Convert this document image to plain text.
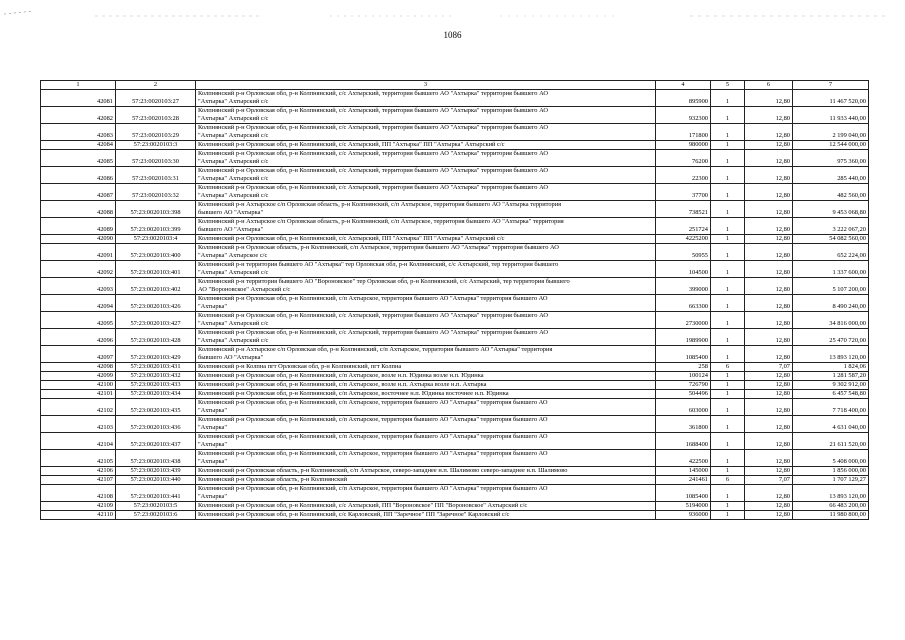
1086
1	2	3	4	5	6	7
42081	57:23:0020103:27	Колпнянский р-н Орловская обл, р-н Колпнянский, с/с Ахтырский, территория бывшего АО "Ахтырка" территория бывшего АО
"Ахтырка" Ахтырский с/с	895900	1	12,80	11 467 520,00
42082	57:23:0020103:28	Колпнянский р-н Орловская обл, р-н Колпнянский, с/с Ахтырский, территория бывшего АО "Ахтырка" территория бывшего АО
"Ахтырка" Ахтырский с/с	932300	1	12,80	11 933 440,00
42083	57:23:0020103:29	Колпнянский р-н Орловская обл, р-н Колпнянский, с/с Ахтырский, территория бывшего АО "Ахтырка" территория бывшего АО
"Ахтырка" Ахтырский с/с	171800	1	12,80	2 199 040,00
42084	57:23:0020103:3	Колпнянский р-н Орловская обл, р-н Колпнянский, с/с Ахтырский, ПП "Ахтырка" ПП "Ахтырка" Ахтырский с/с	980000	1	12,80	12 544 000,00
42085	57:23:0020103:30	Колпнянский р-н Орловская обл, р-н Колпнянский, с/с Ахтырский, территория бывшего АО "Ахтырка" территория бывшего АО
"Ахтырка" Ахтырский с/с	76200	1	12,80	975 360,00
42086	57:23:0020103:31	Колпнянский р-н Орловская обл, р-н Колпнянский, с/с Ахтырский, территория бывшего АО "Ахтырка" территория бывшего АО
"Ахтырка" Ахтырский с/с	22300	1	12,80	285 440,00
42087	57:23:0020103:32	Колпнянский р-н Орловская обл, р-н Колпнянский, с/с Ахтырский, территория бывшего АО "Ахтырка" территория бывшего АО
"Ахтырка" Ахтырский с/с	37700	1	12,80	482 560,00
42088	57:23:0020103:398	Колпнянский р-н Ахтырское с/п Орловская область, р-н Колпнянский, с/п Ахтырское, территория бывшего АО "Ахтырка территория
бывшего АО "Ахтырка"	738521	1	12,80	9 453 068,80
42089	57:23:0020103:399	Колпнянский р-н Ахтырское с/п Орловская область, р-н Колпнянский, с/п Ахтырское, территория бывшего АО "Ахтырка" территория
бывшего АО "Ахтырка"	251724	1	12,80	3 222 067,20
42090	57:23:0020103:4	Колпнянский р-н Орловская обл, р-н Колпнянский, с/с Ахтырский, ПП "Ахтырка" ПП "Ахтырка" Ахтырский с/с	4225200	1	12,80	54 082 560,00
42091	57:23:0020103:400	Колпнянский р-н Орловская область, р-н Колпнянский, с/п Ахтырское, территория бывшего АО "Ахтырка" территория бывшего АО
"Ахтырка" Ахтырское с/с	50955	1	12,80	652 224,00
42092	57:23:0020103:401	Колпнянский р-н территория бывшего АО "Ахтырка" тер Орловская обл, р-н Колпнянский, с/с Ахтырский, тер территория бывшего
"Ахтырка" Ахтырский с/с	104500	1	12,80	1 337 600,00
42093	57:23:0020103:402	Колпнянский р-н территория бывшего АО "Вороновское" тер Орловская обл, р-н Колпнянский, с/с Ахтырский, тер территория бывшего
АО "Вороновское" Ахтырский с/с	399000	1	12,80	5 107 200,00
42094	57:23:0020103:426	Колпнянский р-н Орловская обл, р-н Колпнянский, с/п Ахтырское, территория бывшего АО "Ахтырка" территория бывшего АО
"Ахтырка"	663300	1	12,80	8 490 240,00
42095	57:23:0020103:427	Колпнянский р-н Орловская обл, р-н Колпнянский, с/с Ахтырский, территория бывшего АО "Ахтырка" территория бывшего АО
"Ахтырка" Ахтырский с/с	2730000	1	12,80	34 816 000,00
42096	57:23:0020103:428	Колпнянский р-н Орловская обл, р-н Колпнянский, с/с Ахтырский, территория бывшего АО "Ахтырка" территория бывшего АО
"Ахтырка" Ахтырский с/с	1989900	1	12,80	25 470 720,00
42097	57:23:0020103:429	Колпнянский р-н Ахтырское с/п Орловская обл, р-н Колпнянский, с/п Ахтырское, территория бывшего АО "Ахтырка" территория
бывшего АО "Ахтырка"	1085400	1	12,80	13 893 120,00
42098	57:23:0020103:431	Колпнянский р-н Колпна пгт Орловская обл, р-н Колпнянский, пгт Колпна	258	6	7,07	1 824,06
42099	57:23:0020103:432	Колпнянский р-н Орловская обл, р-н Колпнянский, с/п Ахтырское, возле н.п. Юдинка возле н.п. Юдинка	100124	1	12,80	1 281 587,20
42100	57:23:0020103:433	Колпнянский р-н Орловская обл, р-н Колпнянский, с/п Ахтырское, возле н.п. Ахтырка возле н.п. Ахтырка	726790	1	12,80	9 302 912,00
42101	57:23:0020103:434	Колпнянский р-н Орловская обл, р-н Колпнянский, с/п Ахтырское, восточнее н.п. Юдинка восточнее н.п. Юдинка	504496	1	12,80	6 457 548,80
42102	57:23:0020103:435	Колпнянский р-н Орловская обл, р-н Колпнянский, с/п Ахтырское, территория бывшего АО "Ахтырка" территория бывшего АО
"Ахтырка"	603000	1	12,80	7 718 400,00
42103	57:23:0020103:436	Колпнянский р-н Орловская обл, р-н Колпнянский, с/п Ахтырское, территория бывшего АО "Ахтырка" территория бывшего АО
"Ахтырка"	361800	1	12,80	4 631 040,00
42104	57:23:0020103:437	Колпнянский р-н Орловская обл, р-н Колпнянский, с/п Ахтырское, территория бывшего АО "Ахтырка" территория бывшего АО
"Ахтырка"	1688400	1	12,80	21 611 520,00
42105	57:23:0020103:438	Колпнянский р-н Орловская обл, р-н Колпнянский, с/п Ахтырское, территория бывшего АО "Ахтырка" территория бывшего АО
"Ахтырка"	422500	1	12,80	5 408 000,00
42106	57:23:0020103:439	Колпнянский р-н Орловская область, р-н Колпнянский, с/п Ахтырское, северо-западнее н.п. Шалимово северо-западнее н.п. Шалимово	145000	1	12,80	1 856 000,00
42107	57:23:0020103:440	Колпнянский р-н Орловская область, р-н Колпнянский	241461	6	7,07	1 707 129,27
42108	57:23:0020103:441	Колпнянский р-н Орловская обл, р-н Колпнянский, с/п Ахтырское, территория бывшего АО "Ахтырка" территория бывшего АО
"Ахтырка"	1085400	1	12,80	13 893 120,00
42109	57:23:0020103:5	Колпнянский р-н Орловская обл, р-н Колпнянский, с/с Ахтырский, ПП "Вороновское" ПП "Вороновское" Ахтырский с/с	5194000	1	12,80	66 483 200,00
42110	57:23:0020103:6	Колпнянский р-н Орловская обл, р-н Колпнянский, с/с Карловский, ПП "Заречное" ПП "Заречное" Карловский с/с	936000	1	12,80	11 980 800,00
